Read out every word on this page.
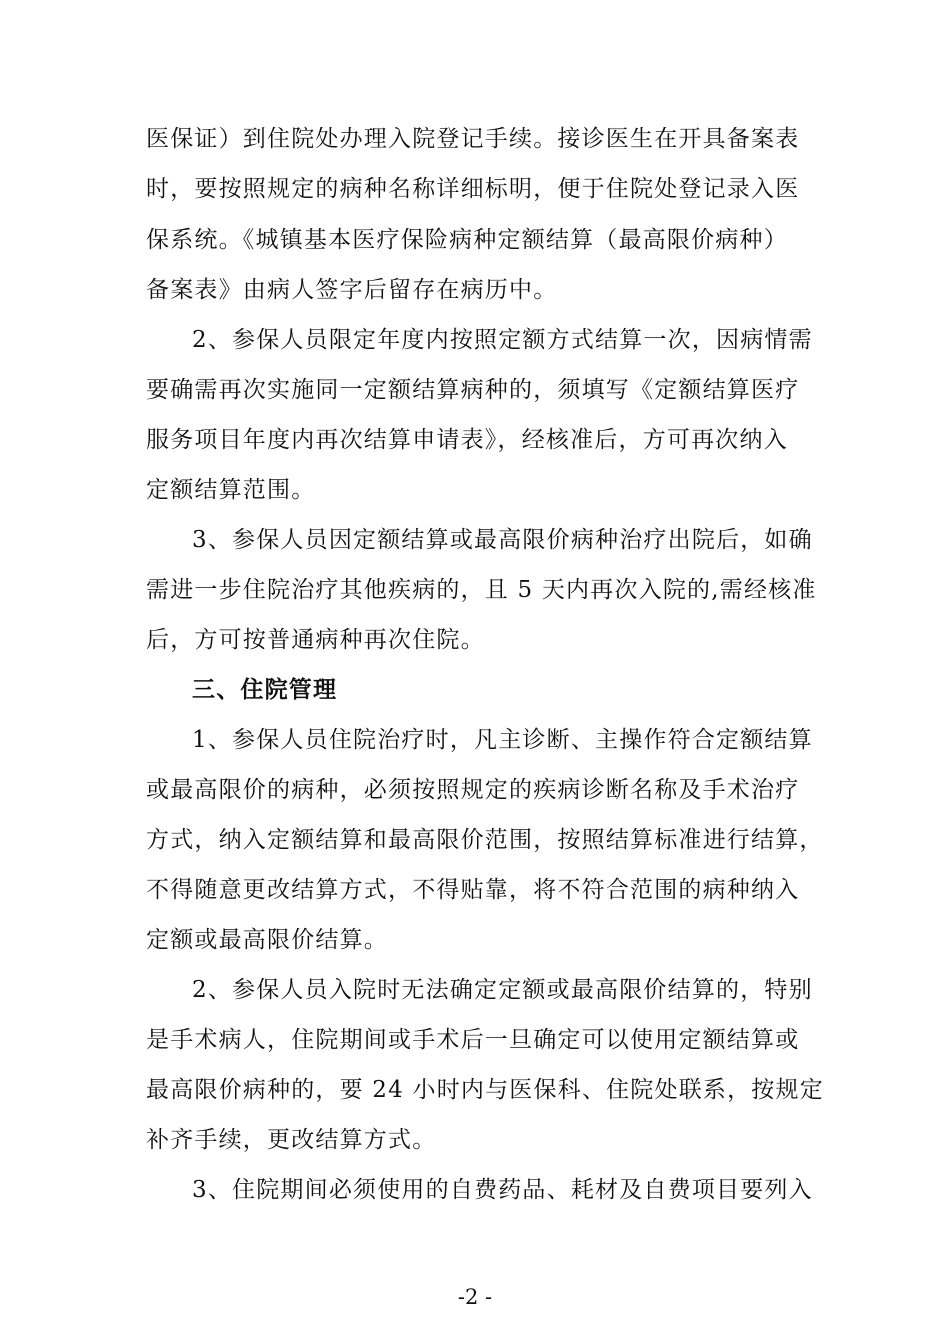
医保证）到住院处办理入院登记手续。接诊医生在开具备案表
时，要按照规定的病种名称详细标明，便于住院处登记录入医
保系统。《城镇基本医疗保险病种定额结算（最高限价病种）
备案表》由病人签字后留存在病历中。
2、参保人员限定年度内按照定额方式结算一次，因病情需
要确需再次实施同一定额结算病种的，须填写《定额结算医疗
服务项目年度内再次结算申请表》，经核准后，方可再次纳入
定额结算范围。
3、参保人员因定额结算或最高限价病种治疗出院后，如确
需进一步住院治疗其他疾病的，且 5 天内再次入院的,需经核准
后，方可按普通病种再次住院。
三、住院管理
1、参保人员住院治疗时，凡主诊断、主操作符合定额结算
或最高限价的病种，必须按照规定的疾病诊断名称及手术治疗
方式，纳入定额结算和最高限价范围，按照结算标准进行结算，
不得随意更改结算方式，不得贴靠，将不符合范围的病种纳入
定额或最高限价结算。
2、参保人员入院时无法确定定额或最高限价结算的，特别
是手术病人，住院期间或手术后一旦确定可以使用定额结算或
最高限价病种的，要 24 小时内与医保科、住院处联系，按规定
补齐手续，更改结算方式。
3、住院期间必须使用的自费药品、耗材及自费项目要列入
-2 -
